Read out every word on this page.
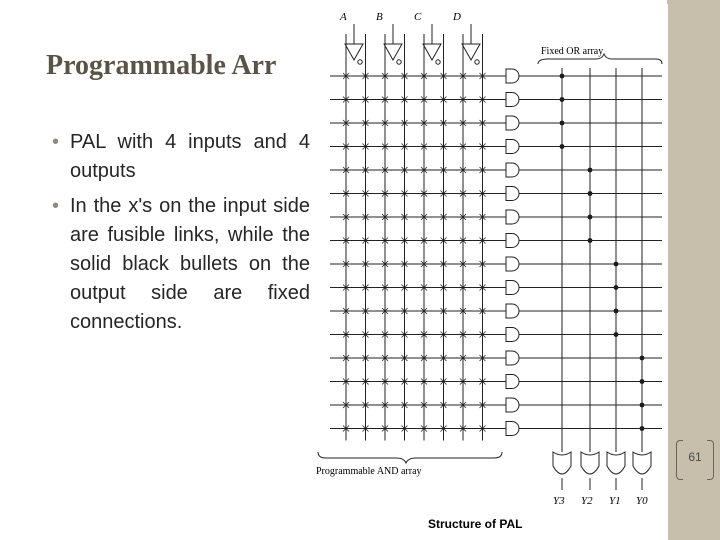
Programmable Arr
• PAL with 4 inputs and 4 outputs
• In the x's on the input side are fusible links, while the solid black bullets on the output side are fixed connections.
A	B	C	D
Fixed OR array
Programmable AND array
Y3 Y2 Y1 Y0
Structure of PAL
61
